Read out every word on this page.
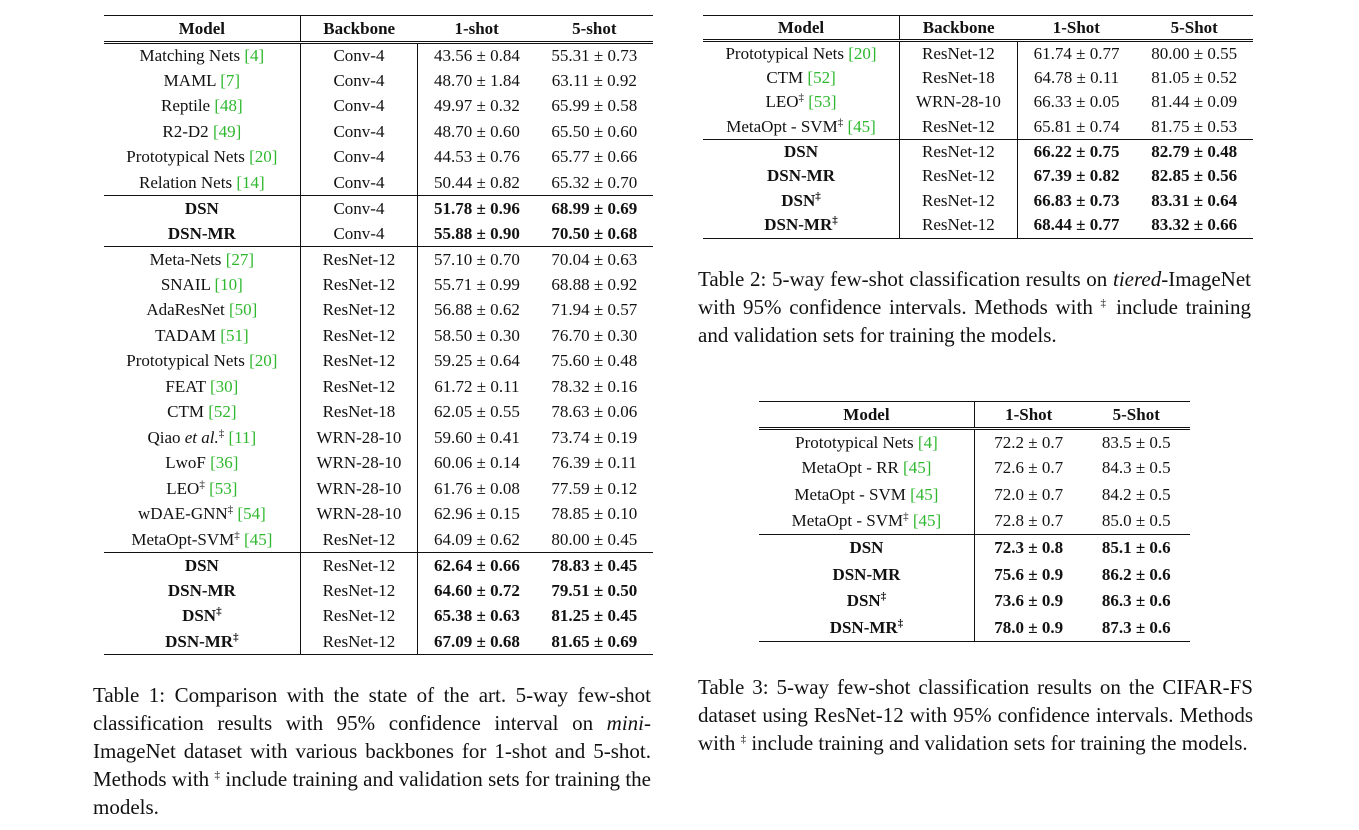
Model	Backbone	1-shot	5-shot
Matching Nets [4]	Conv-4	43.56 ± 0.84	55.31 ± 0.73
MAML [7]	Conv-4	48.70 ± 1.84	63.11 ± 0.92
Reptile [48]	Conv-4	49.97 ± 0.32	65.99 ± 0.58
R2-D2 [49]	Conv-4	48.70 ± 0.60	65.50 ± 0.60
Prototypical Nets [20]	Conv-4	44.53 ± 0.76	65.77 ± 0.66
Relation Nets [14]	Conv-4	50.44 ± 0.82	65.32 ± 0.70
DSN	Conv-4	51.78 ± 0.96	68.99 ± 0.69
DSN-MR	Conv-4	55.88 ± 0.90	70.50 ± 0.68
Meta-Nets [27]	ResNet-12	57.10 ± 0.70	70.04 ± 0.63
SNAIL [10]	ResNet-12	55.71 ± 0.99	68.88 ± 0.92
AdaResNet [50]	ResNet-12	56.88 ± 0.62	71.94 ± 0.57
TADAM [51]	ResNet-12	58.50 ± 0.30	76.70 ± 0.30
Prototypical Nets [20]	ResNet-12	59.25 ± 0.64	75.60 ± 0.48
FEAT [30]	ResNet-12	61.72 ± 0.11	78.32 ± 0.16
CTM [52]	ResNet-18	62.05 ± 0.55	78.63 ± 0.06
Qiao et al.‡ [11]	WRN-28-10	59.60 ± 0.41	73.74 ± 0.19
LwoF [36]	WRN-28-10	60.06 ± 0.14	76.39 ± 0.11
LEO‡ [53]	WRN-28-10	61.76 ± 0.08	77.59 ± 0.12
wDAE-GNN‡ [54]	WRN-28-10	62.96 ± 0.15	78.85 ± 0.10
MetaOpt-SVM‡ [45]	ResNet-12	64.09 ± 0.62	80.00 ± 0.45
DSN	ResNet-12	62.64 ± 0.66	78.83 ± 0.45
DSN-MR	ResNet-12	64.60 ± 0.72	79.51 ± 0.50
DSN‡	ResNet-12	65.38 ± 0.63	81.25 ± 0.45
DSN-MR‡	ResNet-12	67.09 ± 0.68	81.65 ± 0.69
Model	Backbone	1-Shot	5-Shot
Prototypical Nets [20]	ResNet-12	61.74 ± 0.77	80.00 ± 0.55
CTM [52]	ResNet-18	64.78 ± 0.11	81.05 ± 0.52
LEO‡ [53]	WRN-28-10	66.33 ± 0.05	81.44 ± 0.09
MetaOpt - SVM‡ [45]	ResNet-12	65.81 ± 0.74	81.75 ± 0.53
DSN	ResNet-12	66.22 ± 0.75	82.79 ± 0.48
DSN-MR	ResNet-12	67.39 ± 0.82	82.85 ± 0.56
DSN‡	ResNet-12	66.83 ± 0.73	83.31 ± 0.64
DSN-MR‡	ResNet-12	68.44 ± 0.77	83.32 ± 0.66
Model	1-Shot	5-Shot
Prototypical Nets [4]	72.2 ± 0.7	83.5 ± 0.5
MetaOpt - RR [45]	72.6 ± 0.7	84.3 ± 0.5
MetaOpt - SVM [45]	72.0 ± 0.7	84.2 ± 0.5
MetaOpt - SVM‡ [45]	72.8 ± 0.7	85.0 ± 0.5
DSN	72.3 ± 0.8	85.1 ± 0.6
DSN-MR	75.6 ± 0.9	86.2 ± 0.6
DSN‡	73.6 ± 0.9	86.3 ± 0.6
DSN-MR‡	78.0 ± 0.9	87.3 ± 0.6

Table 1: Comparison with the state of the art. 5-way few-shot classification results with 95% confidence interval on mini-ImageNet dataset with various backbones for 1-shot and 5-shot. Methods with ‡ include training and validation sets for training the models.

Table 2: 5-way few-shot classification results on tiered-ImageNet with 95% confidence intervals. Methods with ‡ include training and validation sets for training the models.

Table 3: 5-way few-shot classification results on the CIFAR-FS dataset using ResNet-12 with 95% confidence intervals. Methods with ‡ include training and validation sets for training the models.
